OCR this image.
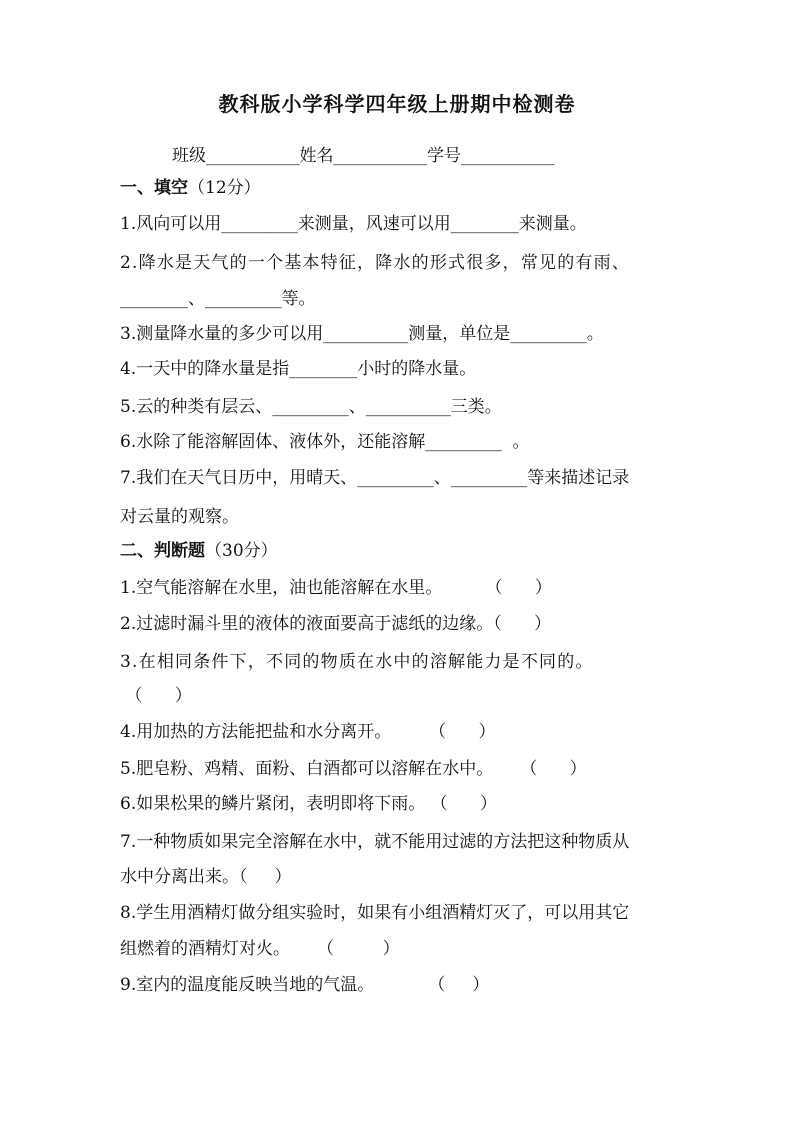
教科版小学科学四年级上册期中检测卷
班级___________姓名___________学号___________
一、填空（12分）
1.风向可以用_________来测量，风速可以用________来测量。
2.降水是天气的一个基本特征，降水的形式很多，常见的有雨、
________、_________等。
3.测量降水量的多少可以用__________测量，单位是_________。
4.一天中的降水量是指________小时的降水量。
5.云的种类有层云、_________、__________三类。
6.水除了能溶解固体、液体外，还能溶解_________  。
7.我们在天气日历中，用晴天、_________、_________等来描述记录
对云量的观察。
二、判断题（30分）
1.空气能溶解在水里，油也能溶解在水里。        （      ）
2.过滤时漏斗里的液体的液面要高于滤纸的边缘。（      ）
3.在相同条件下，不同的物质在水中的溶解能力是不同的。
（      ）
4.用加热的方法能把盐和水分离开。       （      ）
5.肥皂粉、鸡精、面粉、白酒都可以溶解在水中。     （      ）
6.如果松果的鳞片紧闭，表明即将下雨。 （      ）
7.一种物质如果完全溶解在水中，就不能用过滤的方法把这种物质从
水中分离出来。（     ）
8.学生用酒精灯做分组实验时，如果有小组酒精灯灭了，可以用其它
组燃着的酒精灯对火。     （         ）
9.室内的温度能反映当地的气温。          （     ）
